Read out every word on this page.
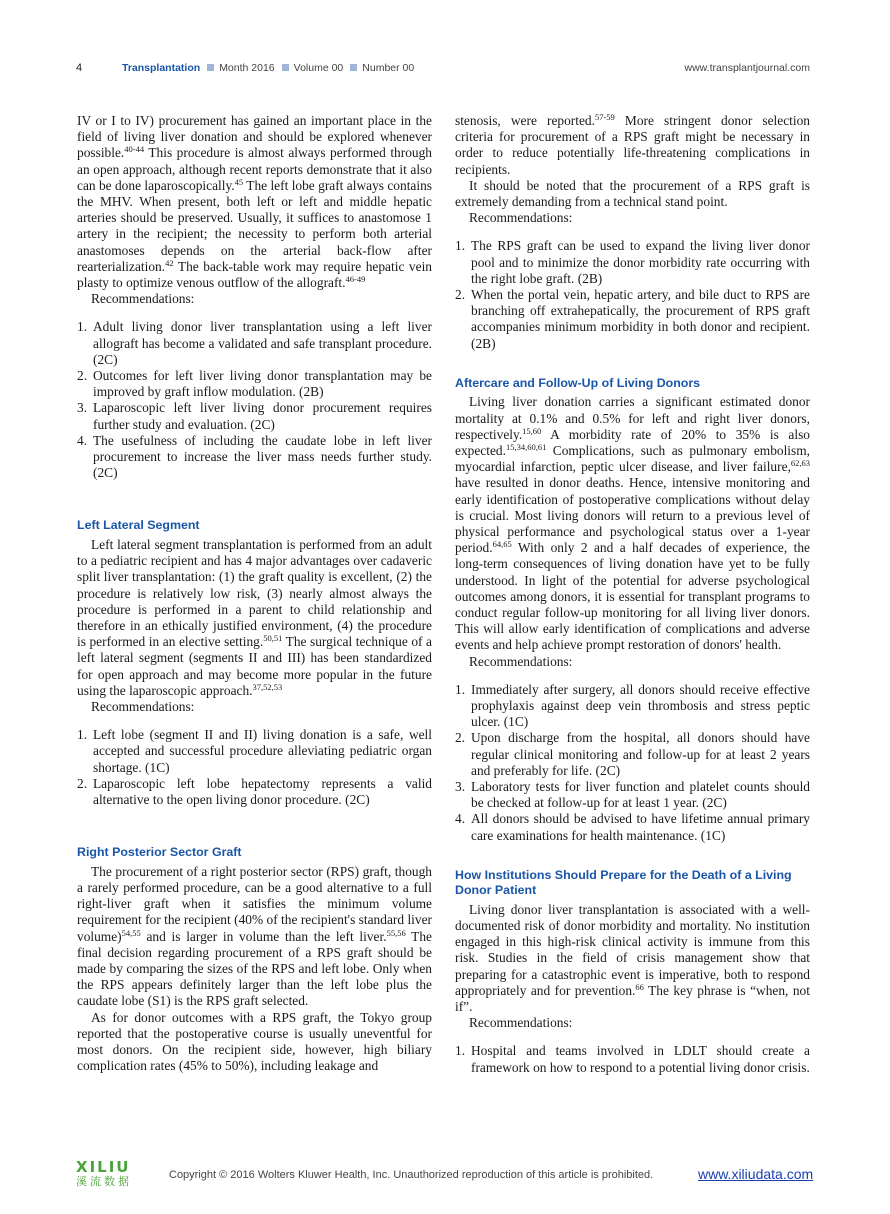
4	Transplantation Month 2016 Volume 00 Number 00	www.transplantjournal.com

IV or I to IV) procurement has gained an important place in the field of living liver donation and should be explored whenever possible.$^{40-44}$ This procedure is almost always performed through an open approach, although recent reports demonstrate that it also can be done laparoscopically.$^{45}$ The left lobe graft always contains the MHV. When present, both left or left and middle hepatic arteries should be preserved. Usually, it suffices to anastomose 1 artery in the recipient; the necessity to perform both arterial anastomoses depends on the arterial back-flow after rearterialization.$^{42}$ The back-table work may require hepatic vein plasty to optimize venous outflow of the allograft.$^{46-49}$

Recommendations:

1. Adult living donor liver transplantation using a left liver allograft has become a validated and safe transplant procedure. (2C)
2. Outcomes for left liver living donor transplantation may be improved by graft inflow modulation. (2B)
3. Laparoscopic left liver living donor procurement requires further study and evaluation. (2C)
4. The usefulness of including the caudate lobe in left liver procurement to increase the liver mass needs further study. (2C)
Left Lateral Segment

Left lateral segment transplantation is performed from an adult to a pediatric recipient and has 4 major advantages over cadaveric split liver transplantation: (1) the graft quality is excellent, (2) the procedure is relatively low risk, (3) nearly almost always the procedure is performed in a parent to child relationship and therefore in an ethically justified environment, (4) the procedure is performed in an elective setting.$^{50,51}$ The surgical technique of a left lateral segment (segments II and III) has been standardized for open approach and may become more popular in the future using the laparoscopic approach.$^{37,52,53}$

Recommendations:

1. Left lobe (segment II and II) living donation is a safe, well accepted and successful procedure alleviating pediatric organ shortage. (1C)
2. Laparoscopic left lobe hepatectomy represents a valid alternative to the open living donor procedure. (2C)
Right Posterior Sector Graft

The procurement of a right posterior sector (RPS) graft, though a rarely performed procedure, can be a good alternative to a full right-liver graft when it satisfies the minimum volume requirement for the recipient (40% of the recipient's standard liver volume)$^{54,55}$ and is larger in volume than the left liver.$^{55,56}$ The final decision regarding procurement of a RPS graft should be made by comparing the sizes of the RPS and left lobe. Only when the RPS appears definitely larger than the left lobe plus the caudate lobe (S1) is the RPS graft selected.

As for donor outcomes with a RPS graft, the Tokyo group reported that the postoperative course is usually uneventful for most donors. On the recipient side, however, high biliary complication rates (45% to 50%), including leakage and

stenosis, were reported.$^{57-59}$ More stringent donor selection criteria for procurement of a RPS graft might be necessary in order to reduce potentially life-threatening complications in recipients.

It should be noted that the procurement of a RPS graft is extremely demanding from a technical stand point.

Recommendations:

1. The RPS graft can be used to expand the living liver donor pool and to minimize the donor morbidity rate occurring with the right lobe graft. (2B)
2. When the portal vein, hepatic artery, and bile duct to RPS are branching off extrahepatically, the procurement of RPS graft accompanies minimum morbidity in both donor and recipient. (2B)
Aftercare and Follow-Up of Living Donors

Living liver donation carries a significant estimated donor mortality at 0.1% and 0.5% for left and right liver donors, respectively.$^{15,60}$ A morbidity rate of 20% to 35% is also expected.$^{15,34,60,61}$ Complications, such as pulmonary embolism, myocardial infarction, peptic ulcer disease, and liver failure,$^{62,63}$ have resulted in donor deaths. Hence, intensive monitoring and early identification of postoperative complications without delay is crucial. Most living donors will return to a previous level of physical performance and psychological status over a 1-year period.$^{64,65}$ With only 2 and a half decades of experience, the long-term consequences of living donation have yet to be fully understood. In light of the potential for adverse psychological outcomes among donors, it is essential for transplant programs to conduct regular follow-up monitoring for all living liver donors. This will allow early identification of complications and adverse events and help achieve prompt restoration of donors' health.

Recommendations:

1. Immediately after surgery, all donors should receive effective prophylaxis against deep vein thrombosis and stress peptic ulcer. (1C)
2. Upon discharge from the hospital, all donors should have regular clinical monitoring and follow-up for at least 2 years and preferably for life. (2C)
3. Laboratory tests for liver function and platelet counts should be checked at follow-up for at least 1 year. (2C)
4. All donors should be advised to have lifetime annual primary care examinations for health maintenance. (1C)
How Institutions Should Prepare for the Death of a Living Donor Patient

Living donor liver transplantation is associated with a well-documented risk of donor morbidity and mortality. No institution engaged in this high-risk clinical activity is immune from this risk. Studies in the field of crisis management show that preparing for a catastrophic event is imperative, both to respond appropriately and for prevention.$^{66}$ The key phrase is “when, not if”.

Recommendations:

1. Hospital and teams involved in LDLT should create a framework on how to respond to a potential living donor crisis.
XILIU
溪流数据	Copyright © 2016 Wolters Kluwer Health, Inc. Unauthorized reproduction of this article is prohibited.	www.xiliudata.com
